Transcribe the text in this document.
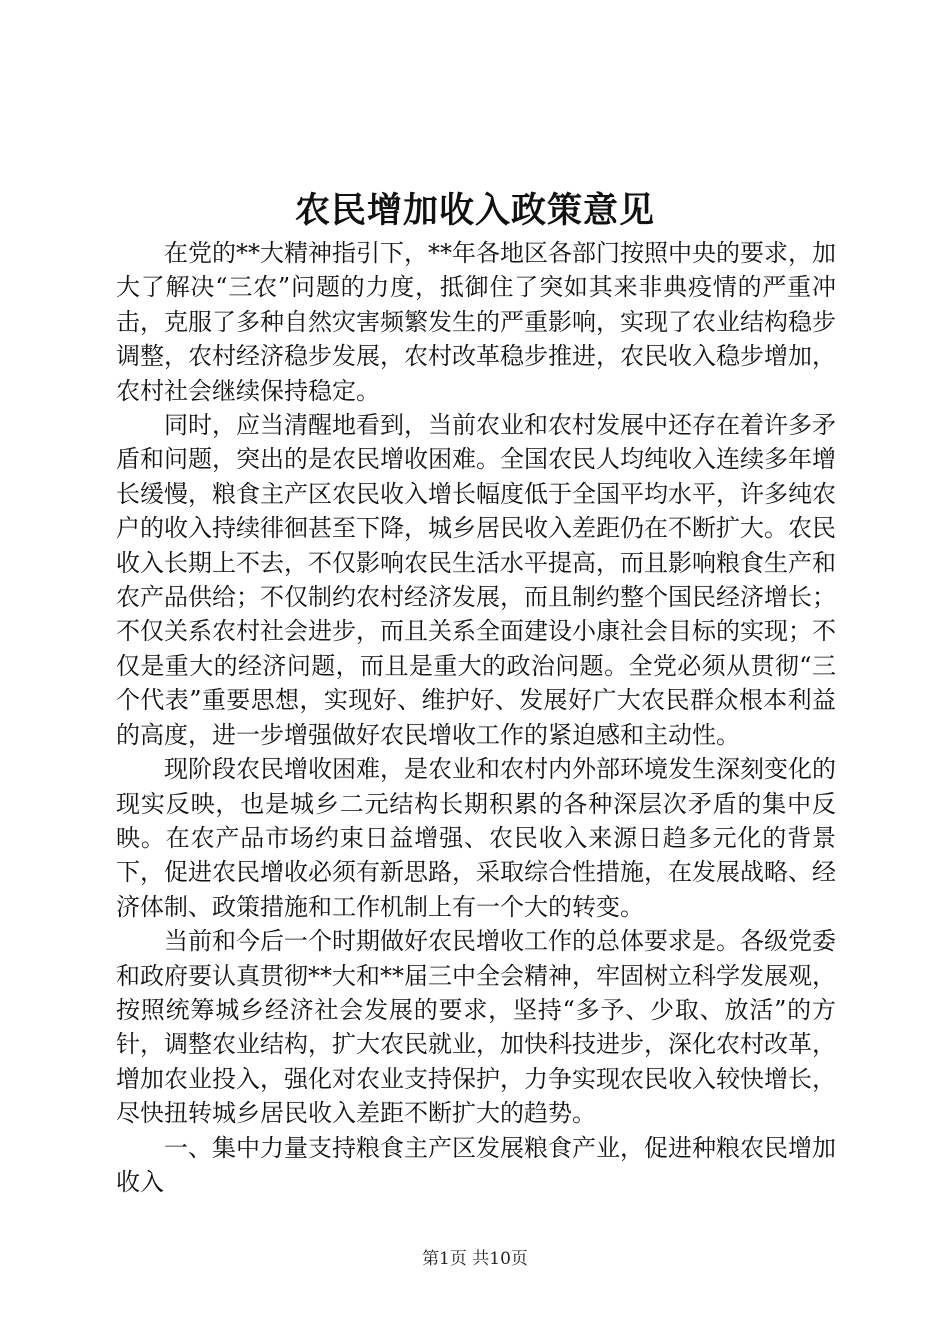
农民增加收入政策意见

在党的**大精神指引下，**年各地区各部门按照中央的要求，加大了解决“三农”问题的力度，抵御住了突如其来非典疫情的严重冲击，克服了多种自然灾害频繁发生的严重影响，实现了农业结构稳步调整，农村经济稳步发展，农村改革稳步推进，农民收入稳步增加，农村社会继续保持稳定。

同时，应当清醒地看到，当前农业和农村发展中还存在着许多矛盾和问题，突出的是农民增收困难。全国农民人均纯收入连续多年增长缓慢，粮食主产区农民收入增长幅度低于全国平均水平，许多纯农户的收入持续徘徊甚至下降，城乡居民收入差距仍在不断扩大。农民收入长期上不去，不仅影响农民生活水平提高，而且影响粮食生产和农产品供给；不仅制约农村经济发展，而且制约整个国民经济增长；不仅关系农村社会进步，而且关系全面建设小康社会目标的实现；不仅是重大的经济问题，而且是重大的政治问题。全党必须从贯彻“三个代表”重要思想，实现好、维护好、发展好广大农民群众根本利益的高度，进一步增强做好农民增收工作的紧迫感和主动性。

现阶段农民增收困难，是农业和农村内外部环境发生深刻变化的现实反映，也是城乡二元结构长期积累的各种深层次矛盾的集中反映。在农产品市场约束日益增强、农民收入来源日趋多元化的背景下，促进农民增收必须有新思路，采取综合性措施，在发展战略、经济体制、政策措施和工作机制上有一个大的转变。

当前和今后一个时期做好农民增收工作的总体要求是。各级党委和政府要认真贯彻**大和**届三中全会精神，牢固树立科学发展观，按照统筹城乡经济社会发展的要求，坚持“多予、少取、放活”的方针，调整农业结构，扩大农民就业，加快科技进步，深化农村改革，增加农业投入，强化对农业支持保护，力争实现农民收入较快增长，尽快扭转城乡居民收入差距不断扩大的趋势。

一、集中力量支持粮食主产区发展粮食产业，促进种粮农民增加收入

第1页 共10页
